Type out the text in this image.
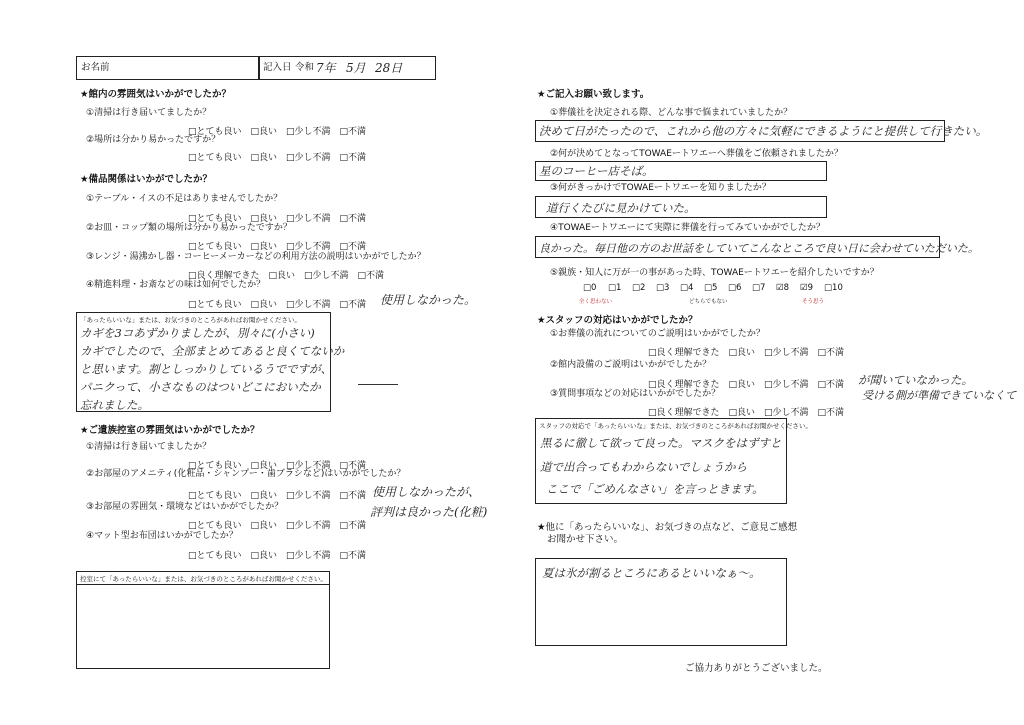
お名前	記入日 令和 7年 5月 28日
★館内の雰囲気はいかがでしたか？
①清掃は行き届いてましたか？
□とても良い　□良い　□少し不満　□不満
②場所は分かり易かったですか？
□とても良い　□良い　□少し不満　□不満
★備品関係はいかがでしたか？
①テーブル・イスの不足はありませんでしたか？
□とても良い　□良い　□少し不満　□不満
②お皿・コップ類の場所は分かり易かったですか？
□とても良い　□良い　□少し不満　□不満
③レンジ・湯沸かし器・コーヒーメーカーなどの利用方法の説明はいかがでしたか？
□良く理解できた　□良い　□少し不満　□不満
④精進料理・お斎などの味は如何でしたか？
□とても良い　□良い　□少し不満　□不満 使用しなかった。
「あったらいいな」または、お気づきのところがあればお聞かせください。
カギを3コあずかりましたが、別々に(小さい)
カギでしたので、全部まとめてあると良くてないか
と思います。割としっかりしているうでですが、
パニクって、小さなものはついどこにおいたか
忘れました。
★ご遺族控室の雰囲気はいかがでしたか？
①清掃は行き届いてましたか？
□とても良い　□良い　□少し不満　□不満
②お部屋のアメニティ(化粧品・シャンプー・歯ブラシなど)はいかがでしたか？
□とても良い　□良い　□少し不満　□不満 使用しなかったが、
③お部屋の雰囲気・環境などはいかがでしたか？
□とても良い　□良い　□少し不満　□不満
評判は良かった(化粧)
④マット型お布団はいかがでしたか？
□とても良い　□良い　□少し不満　□不満
控室にて「あったらいいな」または、お気づきのところがあればお聞かせください。
★ご記入お願い致します。
①葬儀社を決定される際、どんな事で悩まれていましたか？
決めて日がたったので、これから他の方々に気軽にできるようにと提供して行きたい。
②何が決めてとなってTOWAEートワエーへ葬儀をご依頼されましたか？
星のコーヒー店そば。
③何がきっかけでTOWAEートワエーを知りましたか？
道行くたびに見かけていた。
④TOWAEートワエーにて実際に葬儀を行ってみていかがでしたか？
良かった。毎日他の方のお世話をしていてこんなところで良い日に会わせていただいた。
⑤親族・知人に万が一の事があった時、TOWAEートワエーを紹介したいですか？
□0 □1 □2 □3 □4 □5 □6 □7 ☑8 ☑9 □10
全く思わない	どちらでもない	そう思う
★スタッフの対応はいかがでしたか？
①お葬儀の流れについてのご説明はいかがでしたか？
□良く理解できた　□良い　□少し不満　□不満
②館内設備のご説明はいかがでしたか？
□良く理解できた　□良い　□少し不満　□不満 が聞いていなかった。
③質問事項などの対応はいかがでしたか？
□良く理解できた　□良い　□少し不満　□不満
受ける側が準備できていなくて
スタッフの対応で「あったらいいな」または、お気づきのところがあればお聞かせください。
黒るに徹して欲って良った。マスクをはずすと
道で出合ってもわからないでしょうから
ここで「ごめんなさい」を言っときます。
★他に「あったらいいな」、お気づきの点など、ご意見ご感想
お聞かせ下さい。
夏は氷が割るところにあるといいなぁ〜。
ご協力ありがとうございました。
